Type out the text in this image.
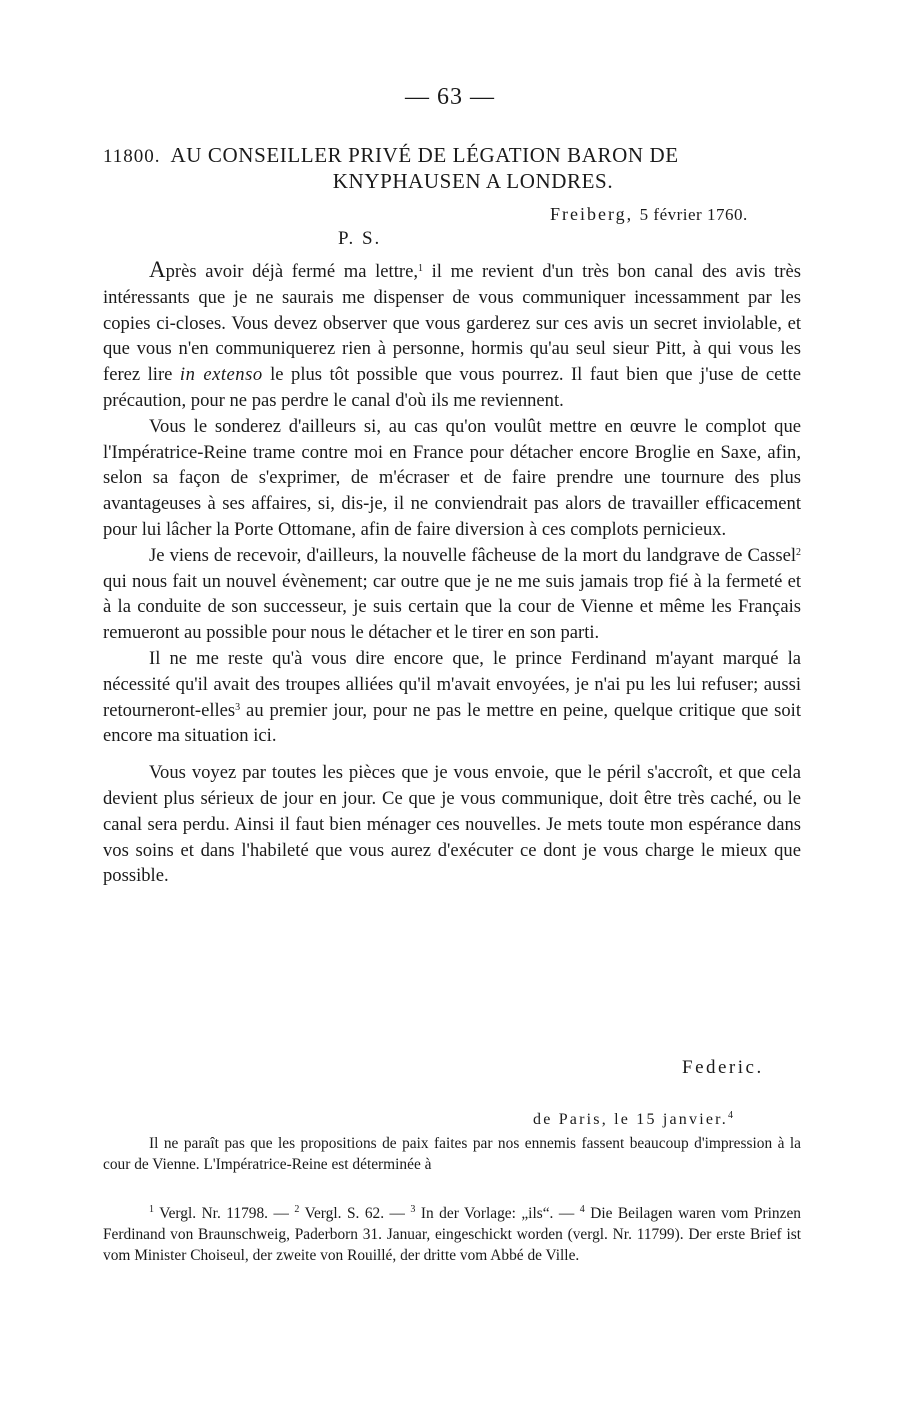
— 63 —
11800. AU CONSEILLER PRIVÉ DE LÉGATION BARON DE
KNYPHAUSEN A LONDRES.
Freiberg, 5 février 1760.
P. S.

Après avoir déjà fermé ma lettre,$^1$ il me revient d'un très bon canal des avis très intéressants que je ne saurais me dispenser de vous communiquer incessamment par les copies ci-closes. Vous devez observer que vous garderez sur ces avis un secret inviolable, et que vous n'en communiquerez rien à personne, hormis qu'au seul sieur Pitt, à qui vous les ferez lire in extenso le plus tôt possible que vous pourrez. Il faut bien que j'use de cette précaution, pour ne pas perdre le canal d'où ils me reviennent.

Vous le sonderez d'ailleurs si, au cas qu'on voulût mettre en œuvre le complot que l'Impératrice-Reine trame contre moi en France pour détacher encore Broglie en Saxe, afin, selon sa façon de s'exprimer, de m'écraser et de faire prendre une tournure des plus avantageuses à ses affaires, si, dis-je, il ne conviendrait pas alors de travailler efficacement pour lui lâcher la Porte Ottomane, afin de faire diversion à ces complots pernicieux.

Je viens de recevoir, d'ailleurs, la nouvelle fâcheuse de la mort du landgrave de Cassel$^2$ qui nous fait un nouvel évènement; car outre que je ne me suis jamais trop fié à la fermeté et à la conduite de son successeur, je suis certain que la cour de Vienne et même les Français remueront au possible pour nous le détacher et le tirer en son parti.

Il ne me reste qu'à vous dire encore que, le prince Ferdinand m'ayant marqué la nécessité qu'il avait des troupes alliées qu'il m'avait envoyées, je n'ai pu les lui refuser; aussi retourneront-elles$^3$ au premier jour, pour ne pas le mettre en peine, quelque critique que soit encore ma situation ici.

Vous voyez par toutes les pièces que je vous envoie, que le péril s'accroît, et que cela devient plus sérieux de jour en jour. Ce que je vous communique, doit être très caché, ou le canal sera perdu. Ainsi il faut bien ménager ces nouvelles. Je mets toute mon espérance dans vos soins et dans l'habileté que vous aurez d'exécuter ce dont je vous charge le mieux que possible.

Federic.
de Paris, le 15 janvier.$^4$

Il ne paraît pas que les propositions de paix faites par nos ennemis fassent beaucoup d'impression à la cour de Vienne. L'Impératrice-Reine est déterminée à

$^1$ Vergl. Nr. 11798. — $^2$ Vergl. S. 62. — $^3$ In der Vorlage: „ils“. — $^4$ Die Beilagen waren vom Prinzen Ferdinand von Braunschweig, Paderborn 31. Januar, eingeschickt worden (vergl. Nr. 11799). Der erste Brief ist vom Minister Choiseul, der zweite von Rouillé, der dritte vom Abbé de Ville.
